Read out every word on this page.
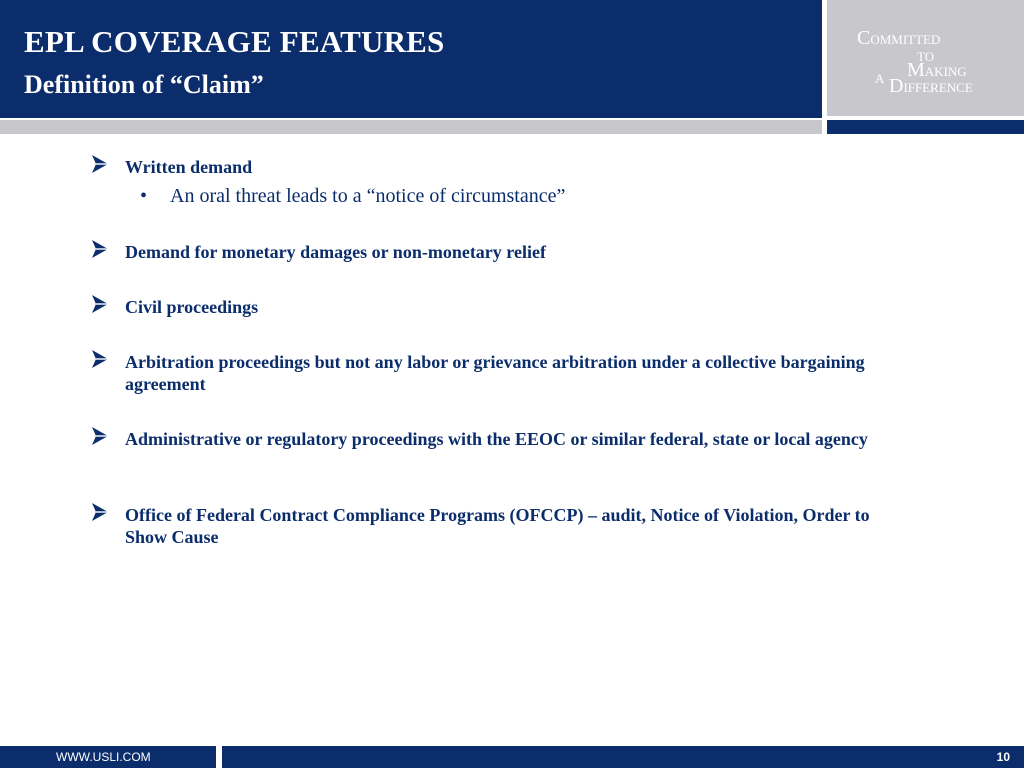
EPL COVERAGE FEATURES
Definition of “Claim”
COMMITTED
TO
MAKING
A DIFFERENCE
Written demand
• An oral threat leads to a “notice of circumstance”
Demand for monetary damages or non-monetary relief
Civil proceedings
Arbitration proceedings but not any labor or grievance arbitration under a collective bargaining agreement
Administrative or regulatory proceedings with the EEOC or similar federal, state or local agency
Office of Federal Contract Compliance Programs (OFCCP) – audit, Notice of Violation, Order to Show Cause
WWW.USLI.COM	10
